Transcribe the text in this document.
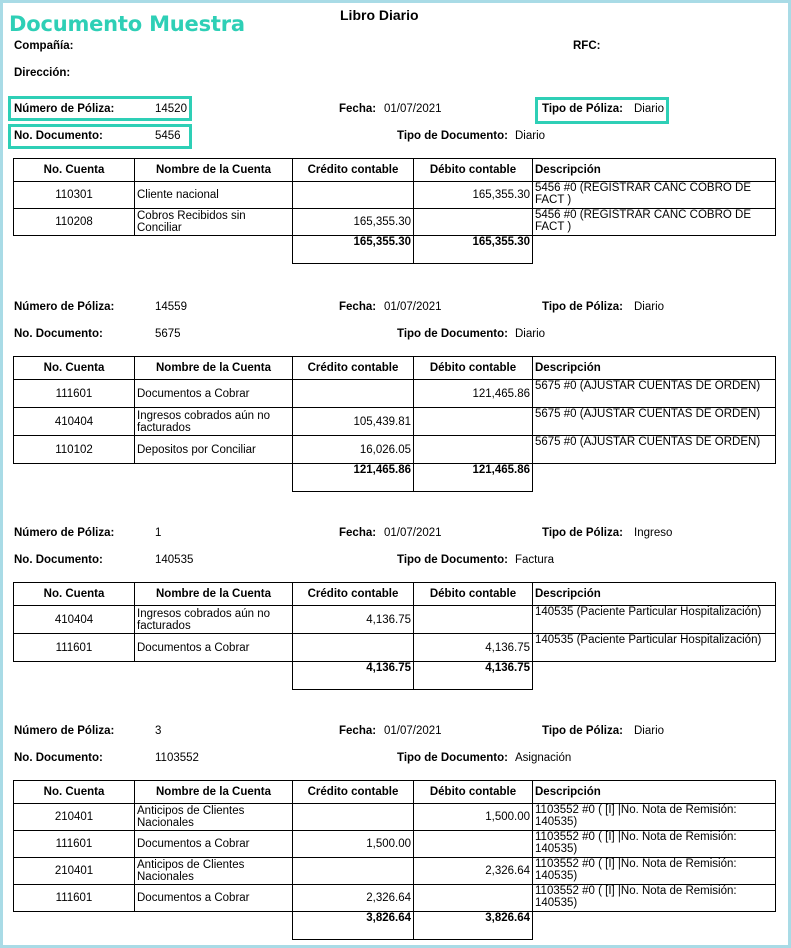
Documento Muestra	Libro Diario
Compañía:	RFC:
Dirección:
Número de Póliza:	14520	Fecha: 01/07/2021	Tipo de Póliza: Diario
No. Documento:	5456	Tipo de Documento: Diario
No. Cuenta	Nombre de la Cuenta	Crédito contable	Débito contable	Descripción
110301	Cliente nacional		165,355.30	5456 #0 (REGISTRAR CANC COBRO DE FACT )
110208	Cobros Recibidos sin Conciliar	165,355.30		5456 #0 (REGISTRAR CANC COBRO DE FACT )
		165,355.30	165,355.30	
Número de Póliza:	14559	Fecha: 01/07/2021	Tipo de Póliza: Diario
No. Documento:	5675	Tipo de Documento: Diario
No. Cuenta	Nombre de la Cuenta	Crédito contable	Débito contable	Descripción
111601	Documentos a Cobrar		121,465.86	5675 #0 (AJUSTAR CUENTAS DE ORDEN)
410404	Ingresos cobrados aún no facturados	105,439.81		5675 #0 (AJUSTAR CUENTAS DE ORDEN)
110102	Depositos por Conciliar	16,026.05		5675 #0 (AJUSTAR CUENTAS DE ORDEN)
		121,465.86	121,465.86	
Número de Póliza:	1	Fecha: 01/07/2021	Tipo de Póliza: Ingreso
No. Documento:	140535	Tipo de Documento: Factura
No. Cuenta	Nombre de la Cuenta	Crédito contable	Débito contable	Descripción
410404	Ingresos cobrados aún no facturados	4,136.75		140535 (Paciente Particular Hospitalización)
111601	Documentos a Cobrar		4,136.75	140535 (Paciente Particular Hospitalización)
		4,136.75	4,136.75	
Número de Póliza:	3	Fecha: 01/07/2021	Tipo de Póliza: Diario
No. Documento:	1103552	Tipo de Documento: Asignación
No. Cuenta	Nombre de la Cuenta	Crédito contable	Débito contable	Descripción
210401	Anticipos de Clientes Nacionales		1,500.00	1103552 #0 ( [I] |No. Nota de Remisión: 140535)
111601	Documentos a Cobrar	1,500.00		1103552 #0 ( [I] |No. Nota de Remisión: 140535)
210401	Anticipos de Clientes Nacionales		2,326.64	1103552 #0 ( [I] |No. Nota de Remisión: 140535)
111601	Documentos a Cobrar	2,326.64		1103552 #0 ( [I] |No. Nota de Remisión: 140535)
		3,826.64	3,826.64	
